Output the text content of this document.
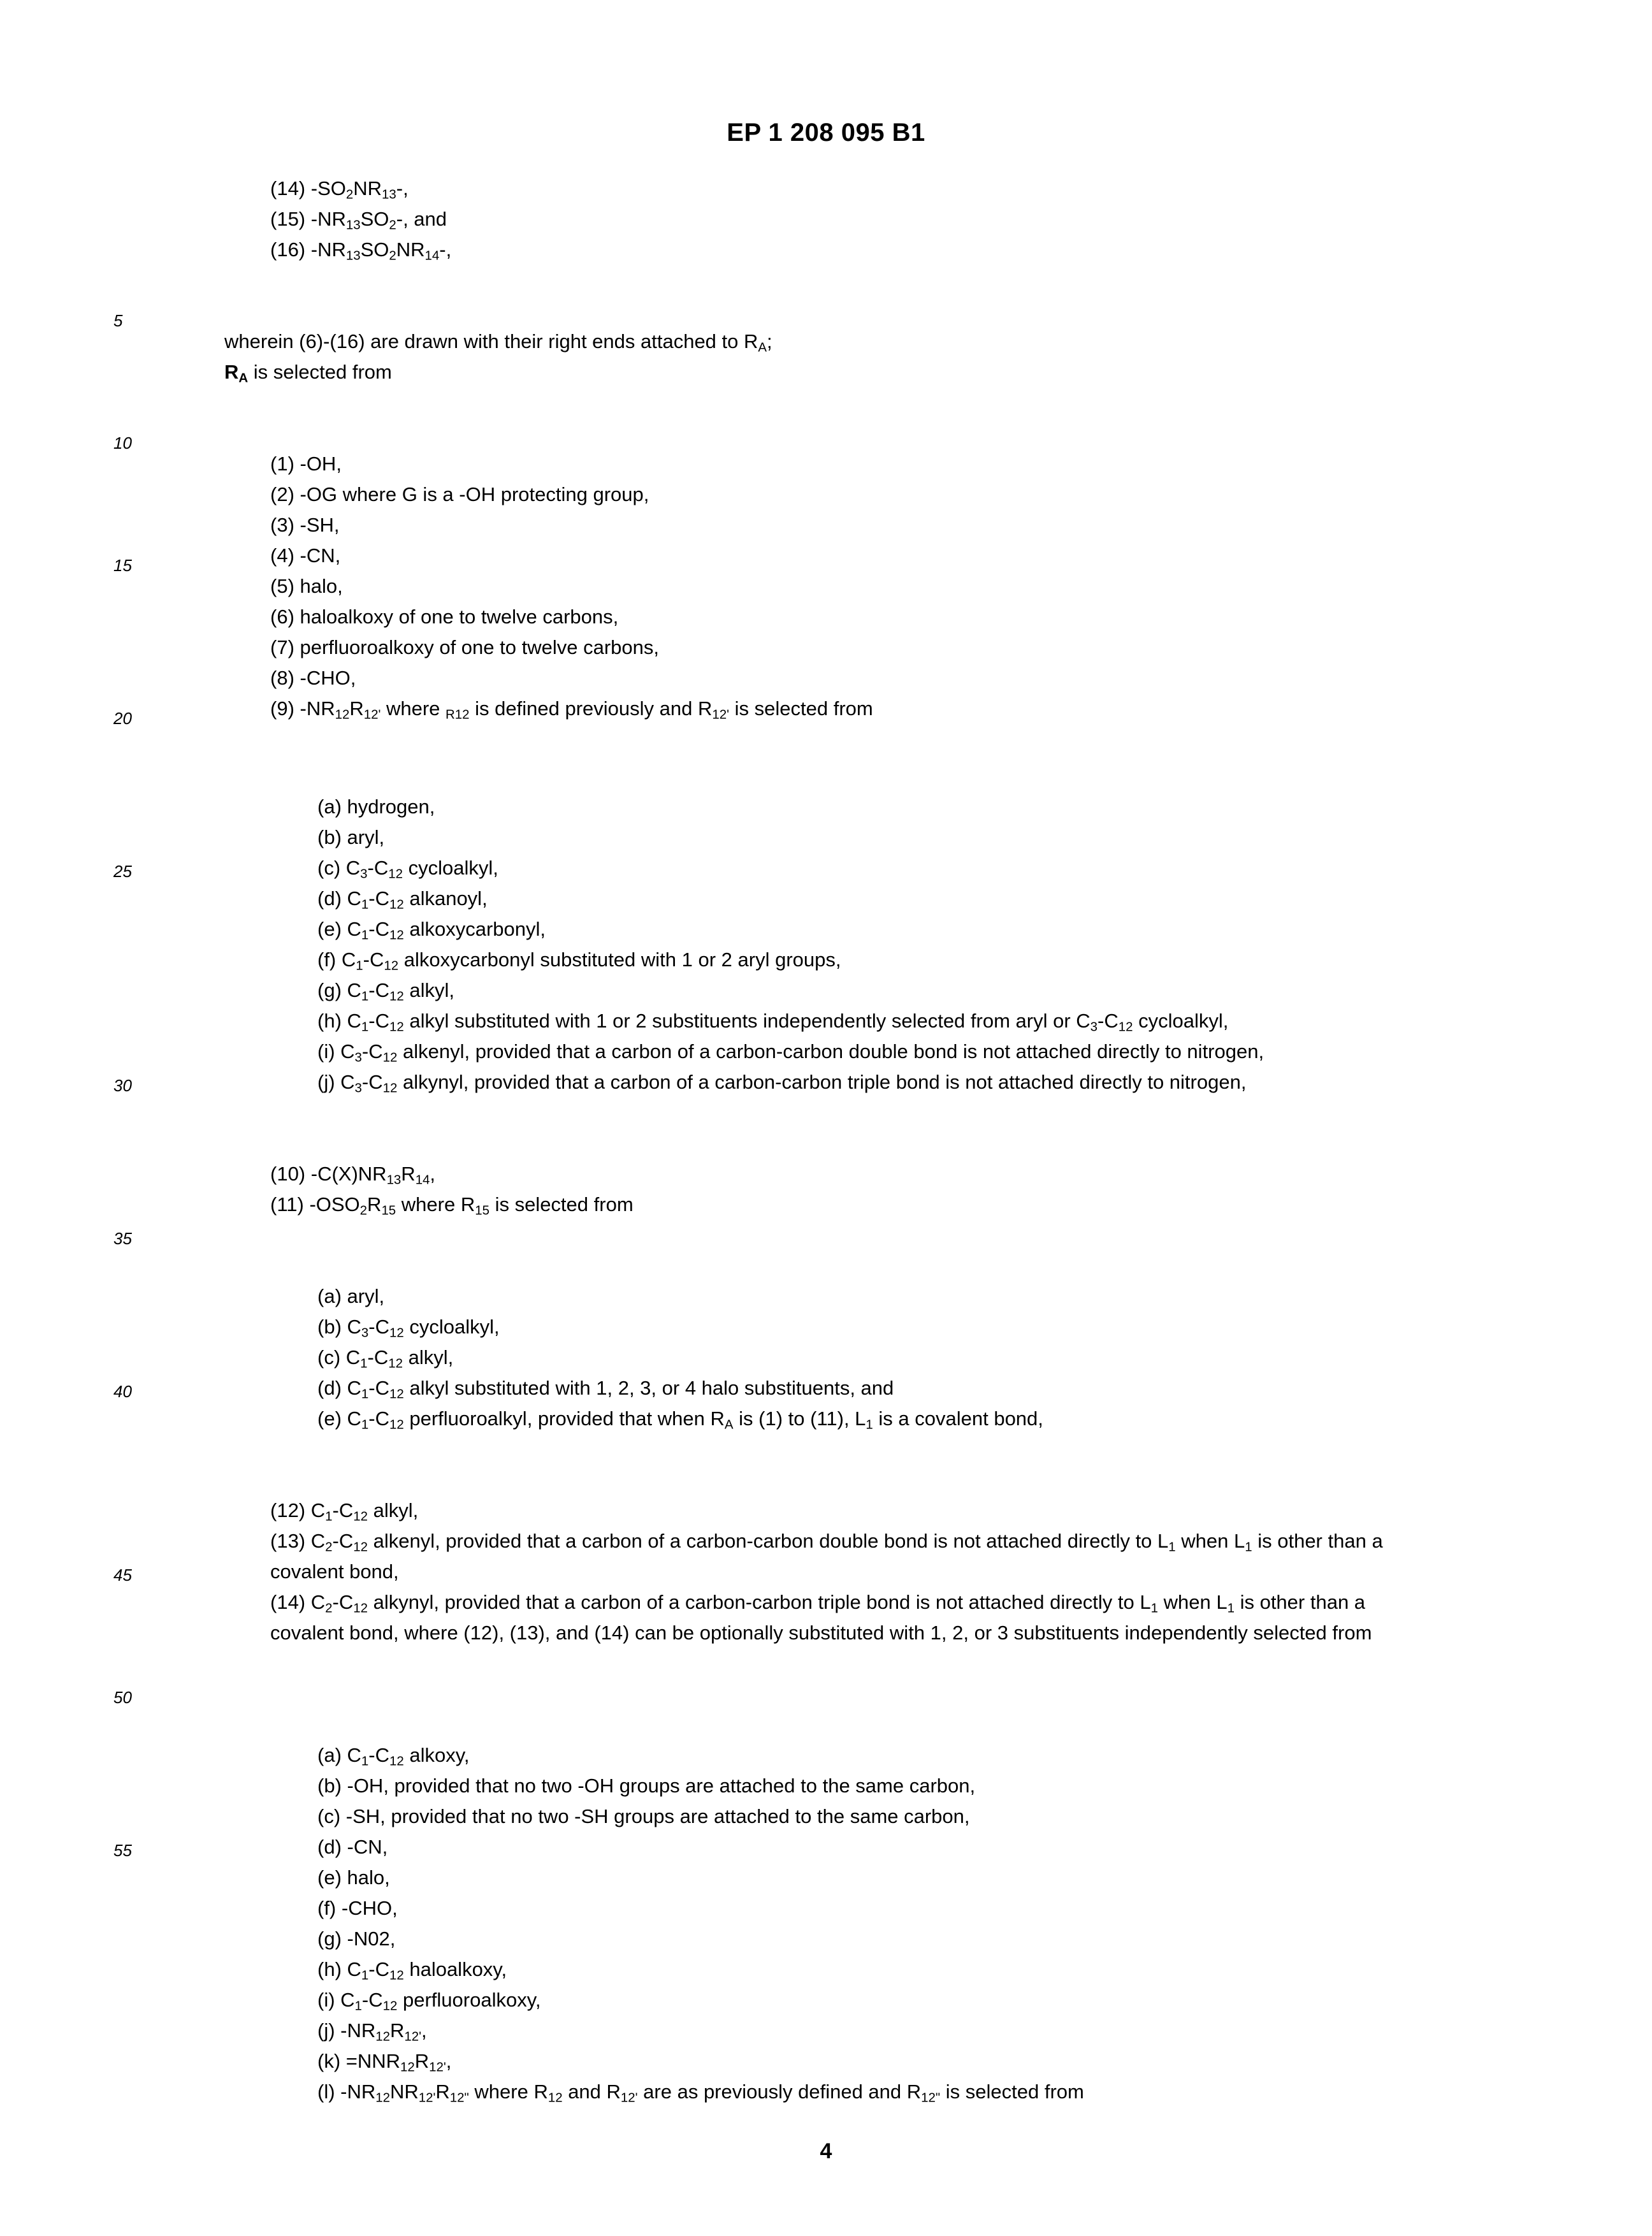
EP 1 208 095 B1
5
10
15
20
25
30
35
40
45
50
55

(14) $-SO_2NR_{13}-$,

(15) $-NR_{13}SO_2-$, and

(16) $-NR_{13}SO_2NR_{14}-$,

wherein (6)-(16) are drawn with their right ends attached to $R_A$;

$R_A$ is selected from

(1) -OH,

(2) -OG where G is a -OH protecting group,

(3) -SH,

(4) -CN,

(5) halo,

(6) haloalkoxy of one to twelve carbons,

(7) perfluoroalkoxy of one to twelve carbons,

(8) -CHO,

(9) $-NR_{12}R_{12'}$ where R12 is defined previously and $R_{12'}$ is selected from

(a) hydrogen,

(b) aryl,

(c) $C_3-C_{12}$ cycloalkyl,

(d) $C_1-C_{12}$ alkanoyl,

(e) $C_1-C_{12}$ alkoxycarbonyl,

(f) $C_1-C_{12}$ alkoxycarbonyl substituted with 1 or 2 aryl groups,

(g) $C_1-C_{12}$ alkyl,

(h) $C_1-C_{12}$ alkyl substituted with 1 or 2 substituents independently selected from aryl or $C_3-C_{12}$ cycloalkyl,

(i) $C_3-C_{12}$ alkenyl, provided that a carbon of a carbon-carbon double bond is not attached directly to nitrogen,

(j) $C_3-C_{12}$ alkynyl, provided that a carbon of a carbon-carbon triple bond is not attached directly to nitrogen,

(10) $-C(X)NR_{13}R_{14}$,

(11) $-OSO_2R_{15}$ where $R_{15}$ is selected from

(a) aryl,

(b) $C_3-C_{12}$ cycloalkyl,

(c) $C_1-C_{12}$ alkyl,

(d) $C_1-C_{12}$ alkyl substituted with 1, 2, 3, or 4 halo substituents, and

(e) $C_1-C_{12}$ perfluoroalkyl, provided that when $R_A$ is (1) to (11), $L_1$ is a covalent bond,

(12) $C_1-C_{12}$ alkyl,

(13) $C_2-C_{12}$ alkenyl, provided that a carbon of a carbon-carbon double bond is not attached directly to $L_1$ when $L_1$ is other than a covalent bond,

(14) $C_2-C_{12}$ alkynyl, provided that a carbon of a carbon-carbon triple bond is not attached directly to $L_1$ when $L_1$ is other than a covalent bond, where (12), (13), and (14) can be optionally substituted with 1, 2, or 3 substituents independently selected from

(a) $C_1-C_{12}$ alkoxy,

(b) -OH, provided that no two -OH groups are attached to the same carbon,

(c) -SH, provided that no two -SH groups are attached to the same carbon,

(d) -CN,

(e) halo,

(f) -CHO,

(g) -N02,

(h) $C_1-C_{12}$ haloalkoxy,

(i) $C_1-C_{12}$ perfluoroalkoxy,

(j) $-NR_{12}R_{12'}$,

$(k) =NNR_{12}R_{12'}$,

(l) $-NR_{12}NR_{12'}R_{12"}$ where $R_{12}$ and $R_{12'}$ are as previously defined and $R_{12"}$ is selected from

4
